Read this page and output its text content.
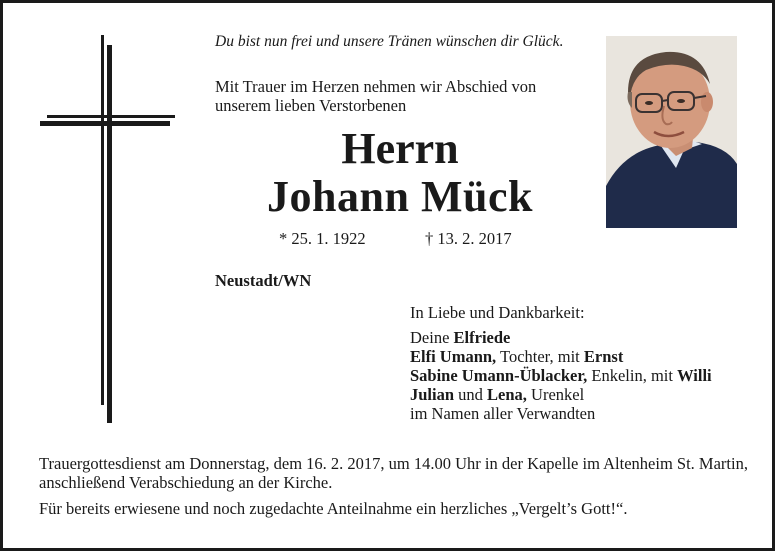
Du bist nun frei und unsere Tränen wünschen dir Glück.
Mit Trauer im Herzen nehmen wir Abschied von unserem lieben Verstorbenen
Herrn
Johann Mück
* 25. 1. 1922	† 13. 2. 2017
Neustadt/WN
In Liebe und Dankbarkeit:
Deine Elfriede
Elfi Umann, Tochter, mit Ernst
Sabine Umann-Üblacker, Enkelin, mit Willi
Julian und Lena, Urenkel
im Namen aller Verwandten
Trauergottesdienst am Donnerstag, dem 16. 2. 2017, um 14.00 Uhr in der Kapelle im Altenheim St. Martin, anschließend Verabschiedung an der Kirche.
Für bereits erwiesene und noch zugedachte Anteilnahme ein herzliches „Vergelt’s Gott!“.
